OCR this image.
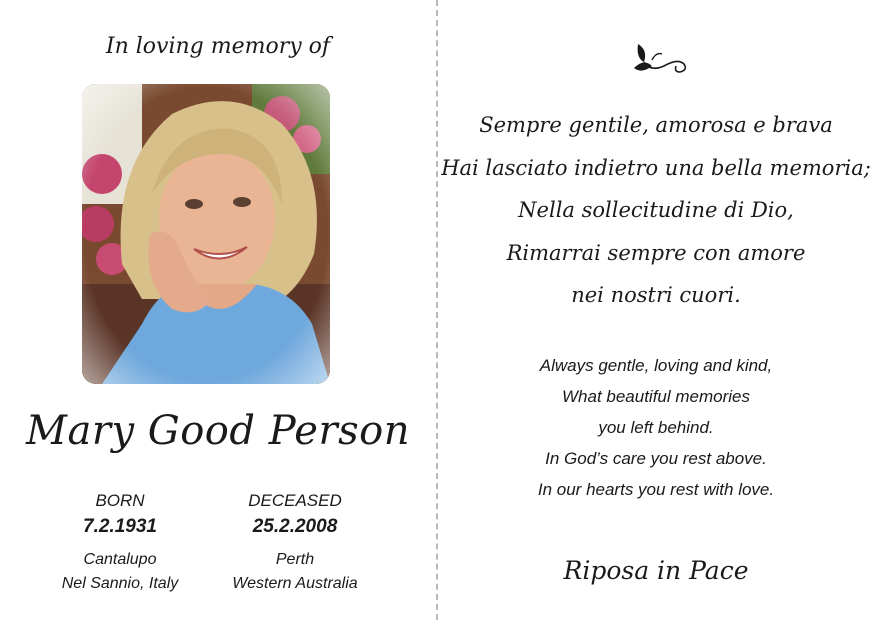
In loving memory of
Mary Good Person
BORN
7.2.1931
Cantalupo
Nel Sannio, Italy
DECEASED
25.2.2008
Perth
Western Australia
Sempre gentile, amorosa e brava
Hai lasciato indietro una bella memoria;
Nella sollecitudine di Dio,
Rimarrai sempre con amore
nei nostri cuori.
Always gentle, loving and kind,
What beautiful memories
you left behind.
In God’s care you rest above.
In our hearts you rest with love.
Riposa in Pace
